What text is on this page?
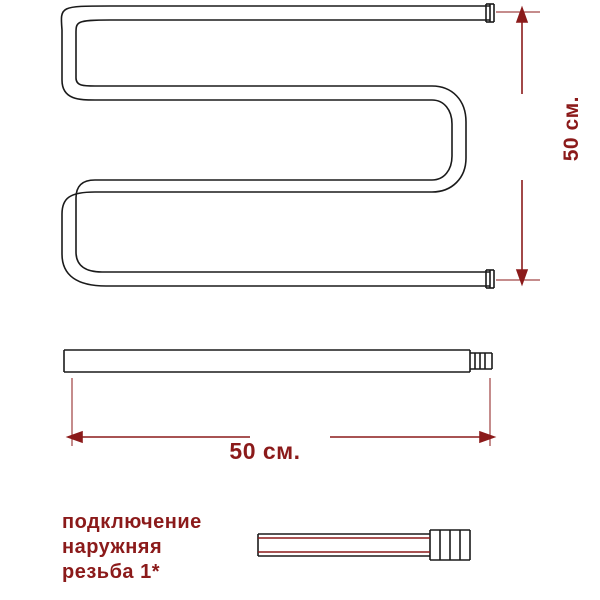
50 см.
50 см.
подключение
наружняя
резьба 1*
